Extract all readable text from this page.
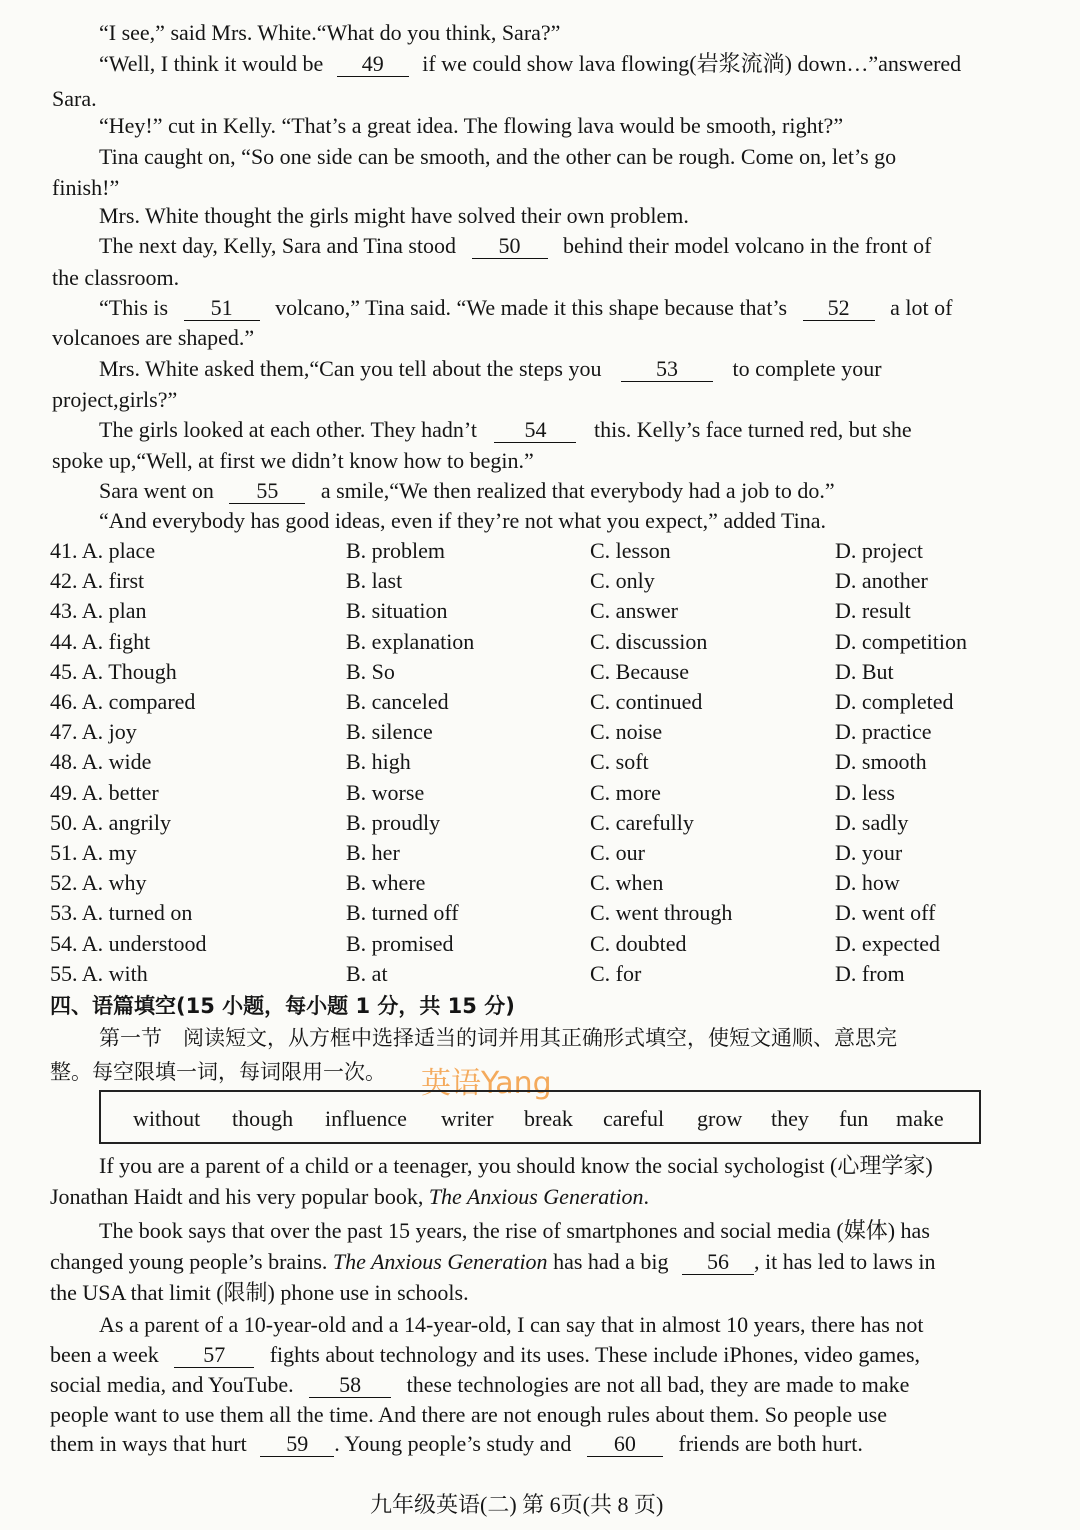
“I see,” said Mrs. White.“What do you think, Sara?”
“Well, I think it would be 49 if we could show lava flowing(岩浆流淌) down…”answered
Sara.
“Hey!” cut in Kelly. “That’s a great idea. The flowing lava would be smooth, right?”
Tina caught on, “So one side can be smooth, and the other can be rough. Come on, let’s go
finish!”
Mrs. White thought the girls might have solved their own problem.
The next day, Kelly, Sara and Tina stood 50 behind their model volcano in the front of
the classroom.
“This is 51 volcano,” Tina said. “We made it this shape because that’s 52 a lot of
volcanoes are shaped.”
Mrs. White asked them,“Can you tell about the steps you 53 to complete your
project,girls?”
The girls looked at each other. They hadn’t 54 this. Kelly’s face turned red, but she
spoke up,“Well, at first we didn’t know how to begin.”
Sara went on 55 a smile,“We then realized that everybody had a job to do.”
“And everybody has good ideas, even if they’re not what you expect,” added Tina.
41. A. place	B. problem	C. lesson	D. project
42. A. first	B. last	C. only	D. another
43. A. plan	B. situation	C. answer	D. result
44. A. fight	B. explanation	C. discussion	D. competition
45. A. Though	B. So	C. Because	D. But
46. A. compared	B. canceled	C. continued	D. completed
47. A. joy	B. silence	C. noise	D. practice
48. A. wide	B. high	C. soft	D. smooth
49. A. better	B. worse	C. more	D. less
50. A. angrily	B. proudly	C. carefully	D. sadly
51. A. my	B. her	C. our	D. your
52. A. why	B. where	C. when	D. how
53. A. turned on	B. turned off	C. went through	D. went off
54. A. understood	B. promised	C. doubted	D. expected
55. A. with	B. at	C. for	D. from
四、语篇填空(15 小题，每小题 1 分，共 15 分)
第一节　阅读短文，从方框中选择适当的词并用其正确形式填空，使短文通顺、意思完
整。每空限填一词，每词限用一次。 英语Yang
without though influence writer break careful grow they fun make
If you are a parent of a child or a teenager, you should know the social sychologist (心理学家)
Jonathan Haidt and his very popular book, The Anxious Generation.
The book says that over the past 15 years, the rise of smartphones and social media (媒体) has
changed young people’s brains. The Anxious Generation has had a big 56 , it has led to laws in
the USA that limit (限制) phone use in schools.
As a parent of a 10-year-old and a 14-year-old, I can say that in almost 10 years, there has not
been a week 57 fights about technology and its uses. These include iPhones, video games,
social media, and YouTube. 58 these technologies are not all bad, they are made to make
people want to use them all the time. And there are not enough rules about them. So people use
them in ways that hurt 59 . Young people’s study and 60 friends are both hurt.
九年级英语(二) 第 6页(共 8 页)
